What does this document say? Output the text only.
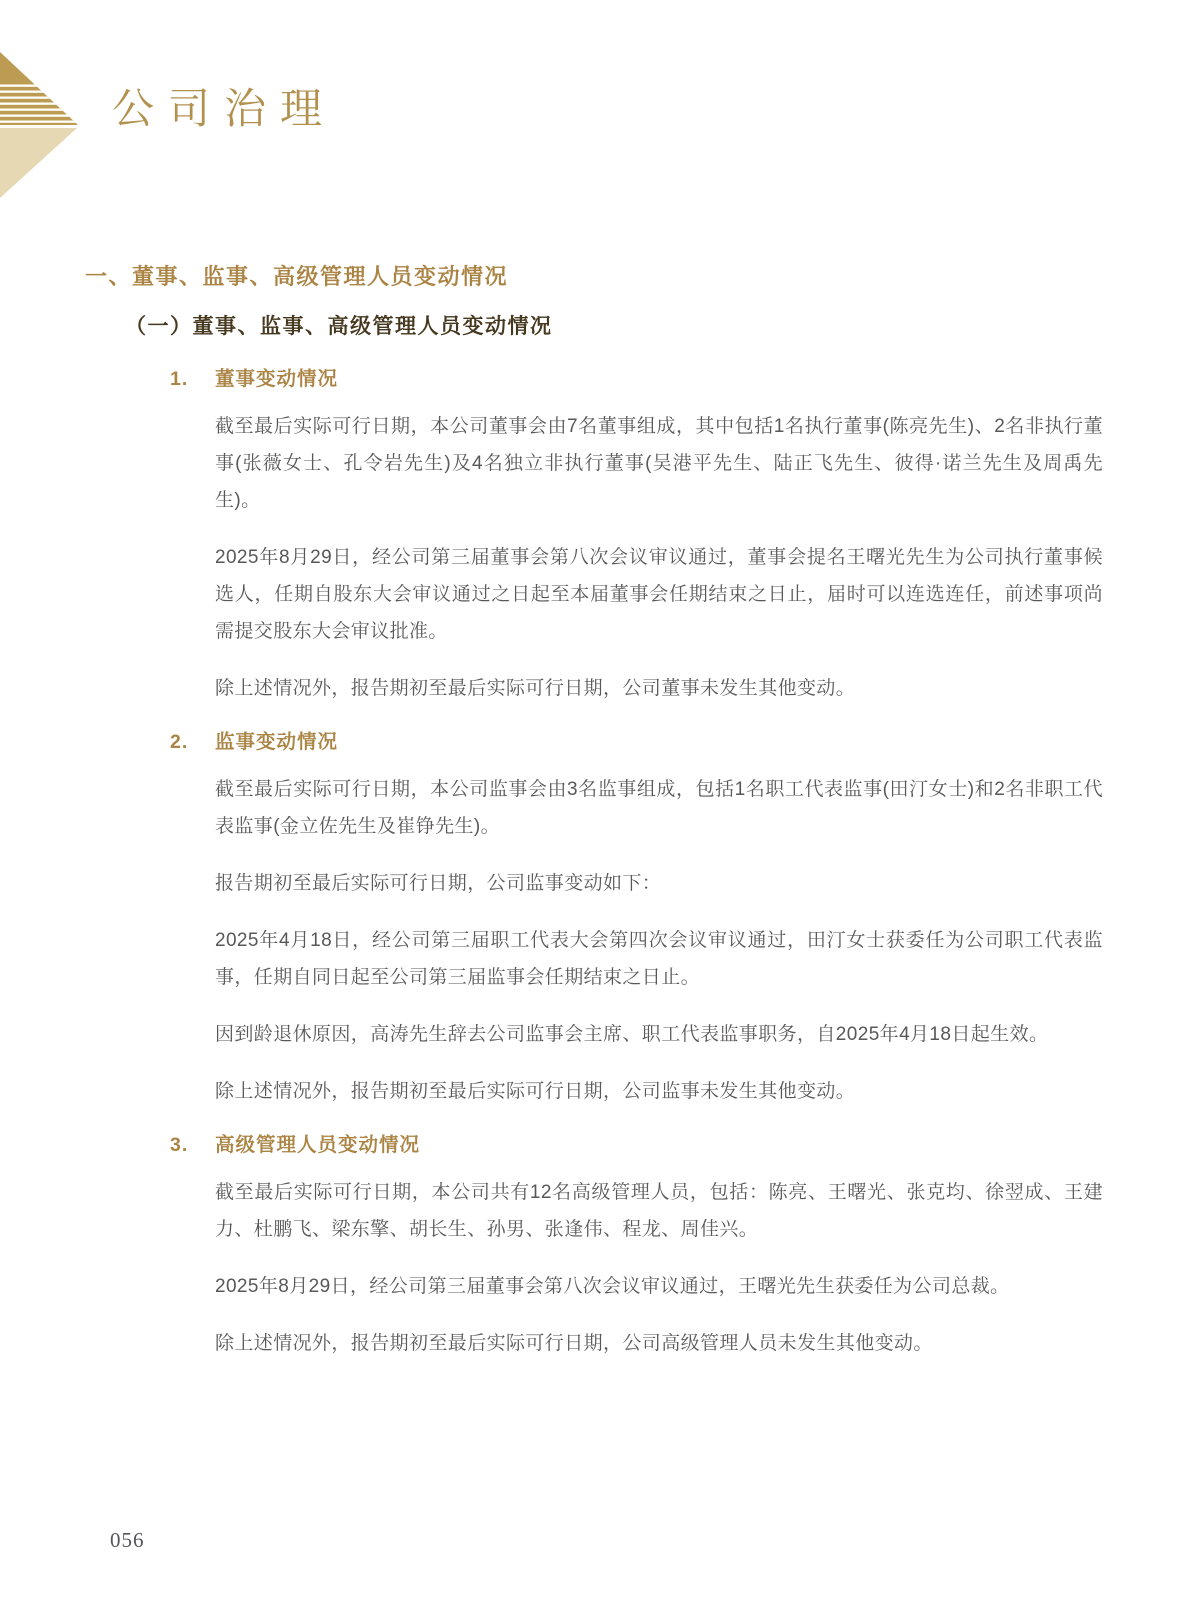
公司治理
一、董事、监事、高级管理人员变动情况
（一）董事、监事、高级管理人员变动情况
1.	董事变动情况

截至最后实际可行日期，本公司董事会由7名董事组成，其中包括1名执行董事(陈亮先生)、2名非执行董事(张薇女士、孔令岩先生)及4名独立非执行董事(吴港平先生、陆正飞先生、彼得·诺兰先生及周禹先生)。

2025年8月29日，经公司第三届董事会第八次会议审议通过，董事会提名王曙光先生为公司执行董事候选人，任期自股东大会审议通过之日起至本届董事会任期结束之日止，届时可以连选连任，前述事项尚需提交股东大会审议批准。

除上述情况外，报告期初至最后实际可行日期，公司董事未发生其他变动。

2.	监事变动情况

截至最后实际可行日期，本公司监事会由3名监事组成，包括1名职工代表监事(田汀女士)和2名非职工代表监事(金立佐先生及崔铮先生)。

报告期初至最后实际可行日期，公司监事变动如下：

2025年4月18日，经公司第三届职工代表大会第四次会议审议通过，田汀女士获委任为公司职工代表监事，任期自同日起至公司第三届监事会任期结束之日止。

因到龄退休原因，高涛先生辞去公司监事会主席、职工代表监事职务，自2025年4月18日起生效。

除上述情况外，报告期初至最后实际可行日期，公司监事未发生其他变动。

3.	高级管理人员变动情况

截至最后实际可行日期，本公司共有12名高级管理人员，包括：陈亮、王曙光、张克均、徐翌成、王建力、杜鹏飞、梁东擎、胡长生、孙男、张逢伟、程龙、周佳兴。

2025年8月29日，经公司第三届董事会第八次会议审议通过，王曙光先生获委任为公司总裁。

除上述情况外，报告期初至最后实际可行日期，公司高级管理人员未发生其他变动。

056
